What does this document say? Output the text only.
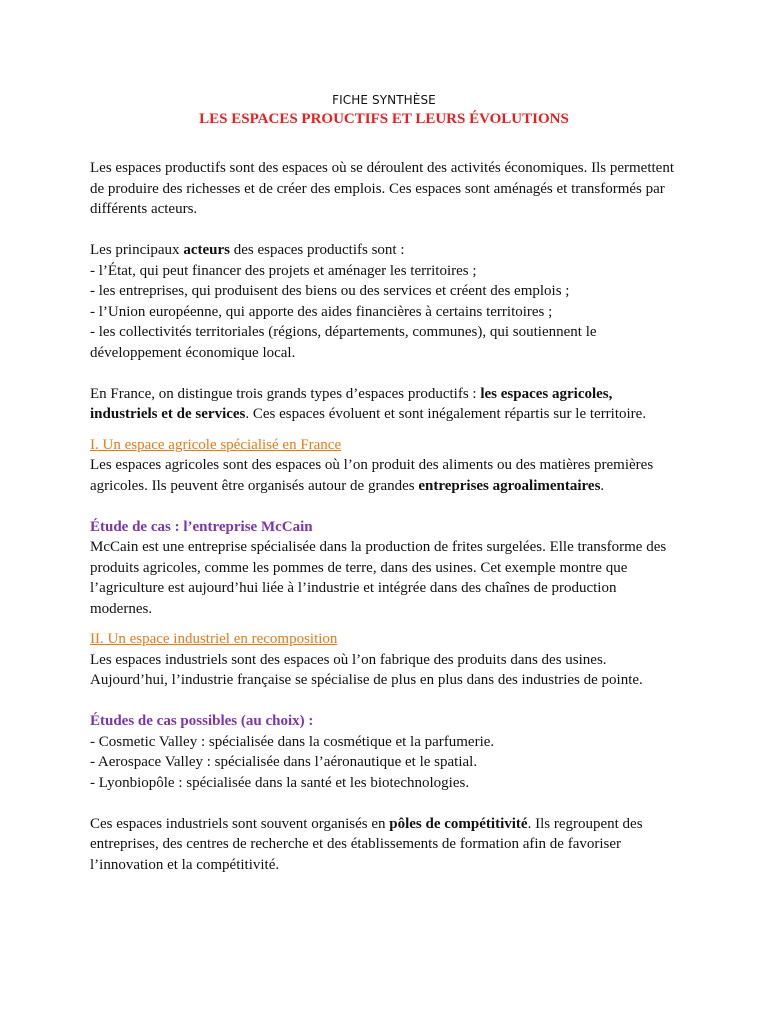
FICHE SYNTHÈSE
LES ESPACES PROUCTIFS ET LEURS ÉVOLUTIONS

Les espaces productifs sont des espaces où se déroulent des activités économiques. Ils permettent

de produire des richesses et de créer des emplois. Ces espaces sont aménagés et transformés par

différents acteurs.

Les principaux acteurs des espaces productifs sont :

- l’État, qui peut financer des projets et aménager les territoires ;

- les entreprises, qui produisent des biens ou des services et créent des emplois ;

- l’Union européenne, qui apporte des aides financières à certains territoires ;

- les collectivités territoriales (régions, départements, communes), qui soutiennent le

développement économique local.

En France, on distingue trois grands types d’espaces productifs : les espaces agricoles,

industriels et de services. Ces espaces évoluent et sont inégalement répartis sur le territoire.

I. Un espace agricole spécialisé en France

Les espaces agricoles sont des espaces où l’on produit des aliments ou des matières premières

agricoles. Ils peuvent être organisés autour de grandes entreprises agroalimentaires.

Étude de cas : l’entreprise McCain

McCain est une entreprise spécialisée dans la production de frites surgelées. Elle transforme des

produits agricoles, comme les pommes de terre, dans des usines. Cet exemple montre que

l’agriculture est aujourd’hui liée à l’industrie et intégrée dans des chaînes de production

modernes.

II. Un espace industriel en recomposition

Les espaces industriels sont des espaces où l’on fabrique des produits dans des usines.

Aujourd’hui, l’industrie française se spécialise de plus en plus dans des industries de pointe.

Études de cas possibles (au choix) :

- Cosmetic Valley : spécialisée dans la cosmétique et la parfumerie.

- Aerospace Valley : spécialisée dans l’aéronautique et le spatial.

- Lyonbiopôle : spécialisée dans la santé et les biotechnologies.

Ces espaces industriels sont souvent organisés en pôles de compétitivité. Ils regroupent des

entreprises, des centres de recherche et des établissements de formation afin de favoriser

l’innovation et la compétitivité.
